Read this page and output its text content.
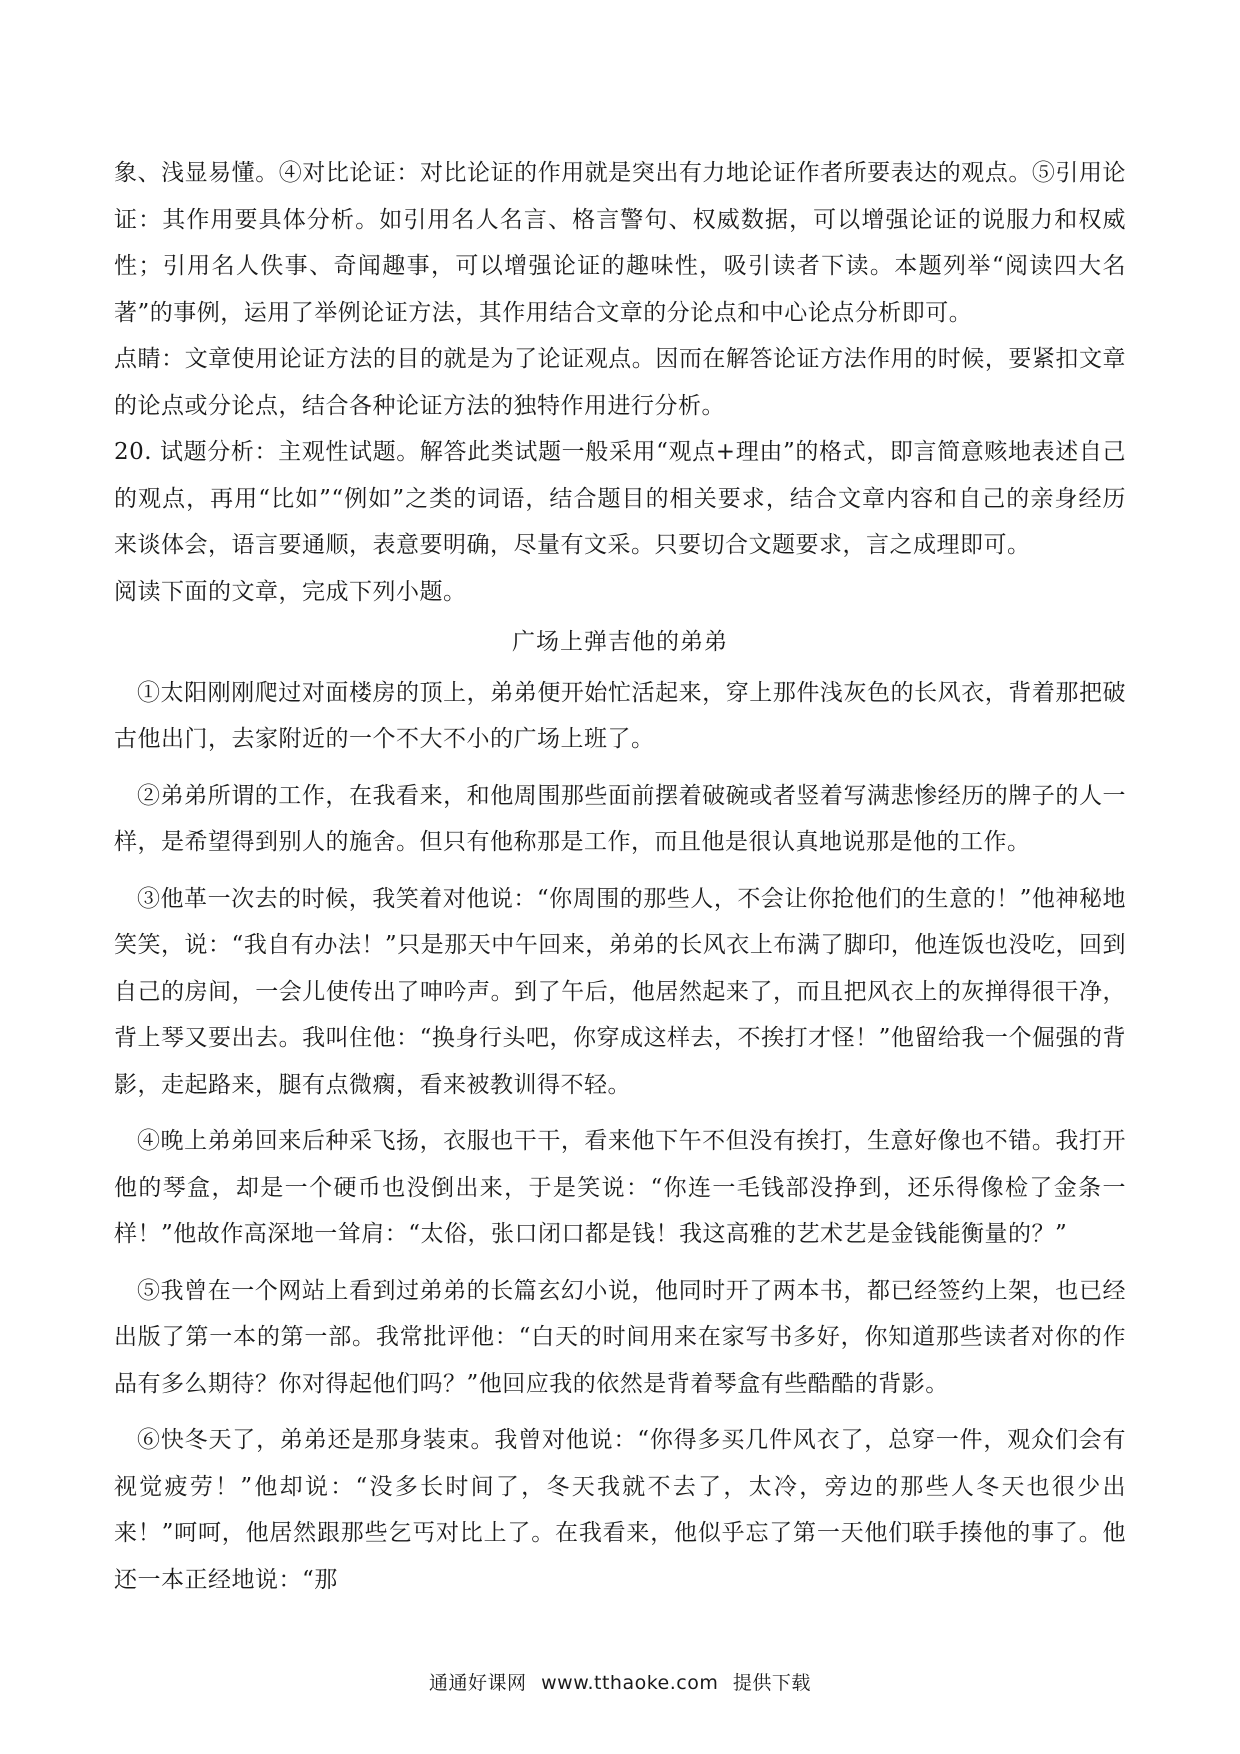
象、浅显易懂。④对比论证：对比论证的作用就是突出有力地论证作者所要表达的观点。⑤引用论证：其作用要具体分析。如引用名人名言、格言警句、权威数据，可以增强论证的说服力和权威性；引用名人佚事、奇闻趣事，可以增强论证的趣味性，吸引读者下读。本题列举“阅读四大名著”的事例，运用了举例论证方法，其作用结合文章的分论点和中心论点分析即可。

点睛：文章使用论证方法的目的就是为了论证观点。因而在解答论证方法作用的时候，要紧扣文章的论点或分论点，结合各种论证方法的独特作用进行分析。

20. 试题分析：主观性试题。解答此类试题一般采用“观点+理由”的格式，即言简意赅地表述自己的观点，再用“比如”“例如”之类的词语，结合题目的相关要求，结合文章内容和自己的亲身经历来谈体会，语言要通顺，表意要明确，尽量有文采。只要切合文题要求，言之成理即可。

阅读下面的文章，完成下列小题。

广场上弹吉他的弟弟

①太阳刚刚爬过对面楼房的顶上，弟弟便开始忙活起来，穿上那件浅灰色的长风衣，背着那把破古他出门，去家附近的一个不大不小的广场上班了。

②弟弟所谓的工作，在我看来，和他周围那些面前摆着破碗或者竖着写满悲惨经历的牌子的人一样，是希望得到别人的施舍。但只有他称那是工作，而且他是很认真地说那是他的工作。

③他革一次去的时候，我笑着对他说：“你周围的那些人，不会让你抢他们的生意的！”他神秘地笑笑，说：“我自有办法！”只是那天中午回来，弟弟的长风衣上布满了脚印，他连饭也没吃，回到自己的房间，一会儿使传出了呻吟声。到了午后，他居然起来了，而且把风衣上的灰掸得很干净，背上琴又要出去。我叫住他：“换身行头吧，你穿成这样去，不挨打才怪！”他留给我一个倔强的背影，走起路来，腿有点微瘸，看来被教训得不轻。

④晚上弟弟回来后种采飞扬，衣服也干干，看来他下午不但没有挨打，生意好像也不错。我打开他的琴盒，却是一个硬币也没倒出来，于是笑说：“你连一毛钱部没挣到，还乐得像检了金条一样！”他故作高深地一耸肩：“太俗，张口闭口都是钱！我这高雅的艺术艺是金钱能衡量的？”

⑤我曾在一个网站上看到过弟弟的长篇玄幻小说，他同时开了两本书，都已经签约上架，也已经出版了第一本的第一部。我常批评他：“白天的时间用来在家写书多好，你知道那些读者对你的作品有多么期待？你对得起他们吗？”他回应我的依然是背着琴盒有些酷酷的背影。

⑥快冬天了，弟弟还是那身装束。我曾对他说：“你得多买几件风衣了，总穿一件，观众们会有视觉疲劳！”他却说：“没多长时间了，冬天我就不去了，太冷，旁边的那些人冬天也很少出来！”呵呵，他居然跟那些乞丐对比上了。在我看来，他似乎忘了第一天他们联手揍他的事了。他还一本正经地说：“那

通通好课网 www.tthaoke.com 提供下载
